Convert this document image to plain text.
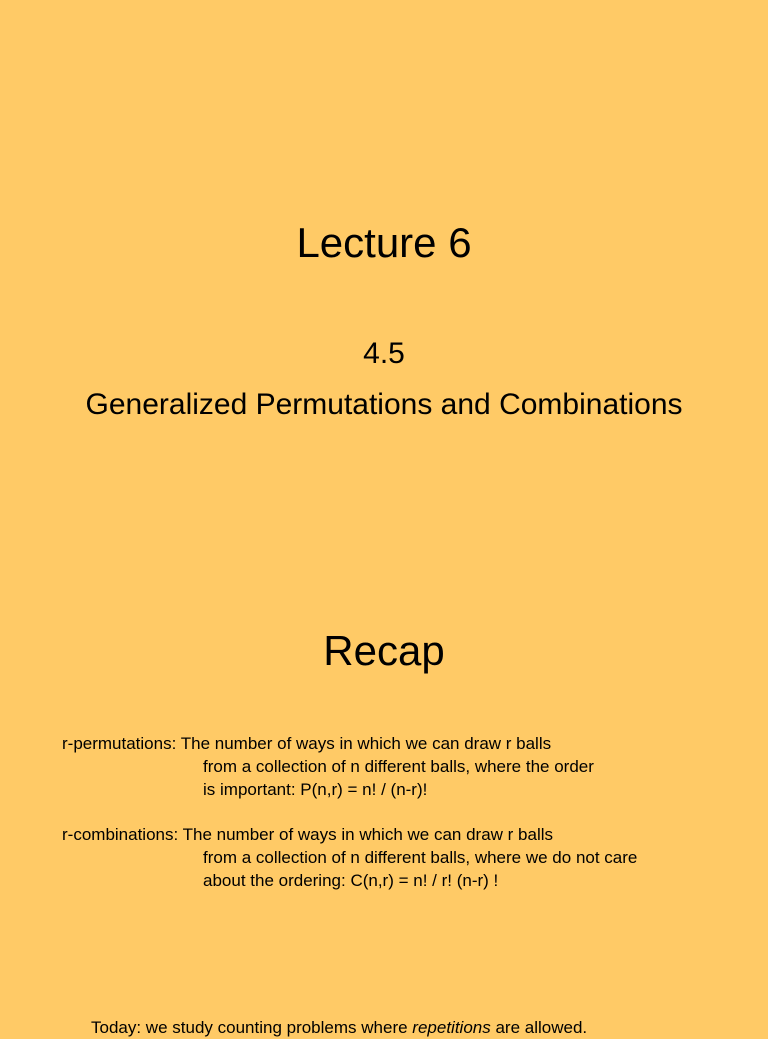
Lecture 6
4.5
Generalized Permutations and Combinations
Recap
r-permutations: The number of ways in which we can draw r balls
from a collection of n different balls, where the order
is important: P(n,r) = n! / (n-r)!
r-combinations: The number of ways in which we can draw r balls
from a collection of n different balls, where we do not care
about the ordering: C(n,r) = n! / r! (n-r) !
Today: we study counting problems where repetitions are allowed.
